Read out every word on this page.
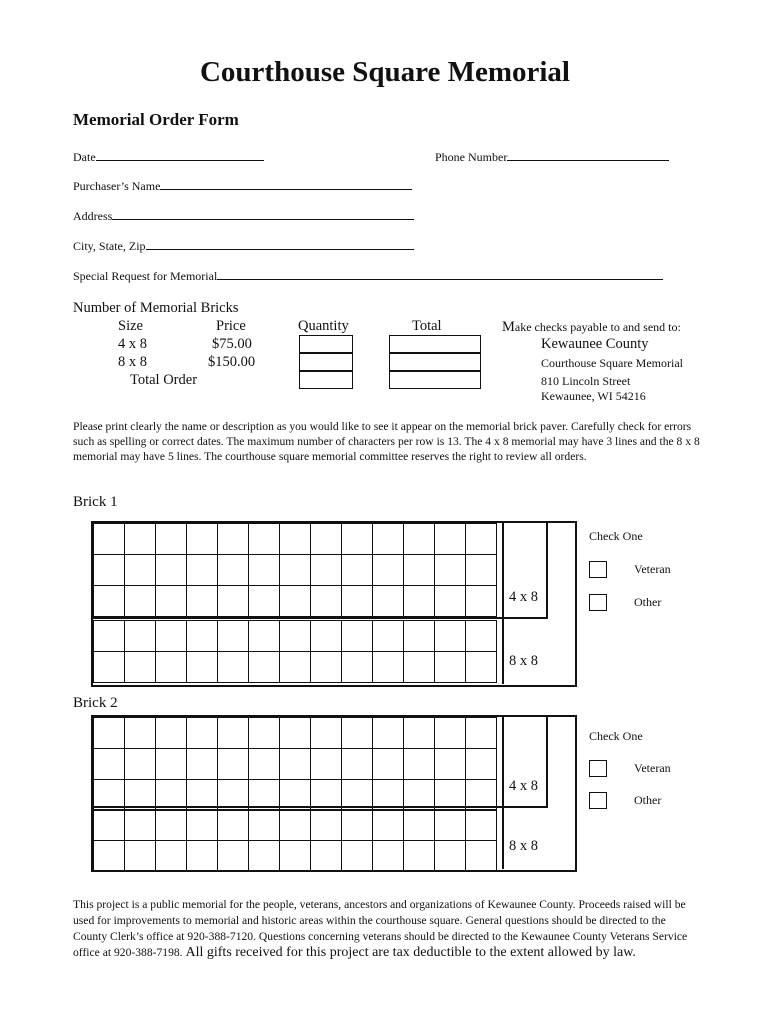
Courthouse Square Memorial
Memorial Order Form
Date	Phone Number
Purchaser’s Name
Address
City, State, Zip
Special Request for Memorial
Number of Memorial Bricks
Size	Price	Quantity	Total
4 x 8	$75.00
8 x 8	$150.00
Total Order
Make checks payable to and send to:
Kewaunee County
Courthouse Square Memorial
810 Lincoln Street
Kewaunee, WI 54216
Please print clearly the name or description as you would like to see it appear on the memorial brick paver. Carefully check for errors such as spelling or correct dates. The maximum number of characters per row is 13. The 4 x 8 memorial may have 3 lines and the 8 x 8 memorial may have 5 lines. The courthouse square memorial committee reserves the right to review all orders.
Brick 1

4 x 8
8 x 8
Check One
Veteran
Other
Brick 2

4 x 8
8 x 8
Check One
Veteran
Other
This project is a public memorial for the people, veterans, ancestors and organizations of Kewaunee County. Proceeds raised will be used for improvements to memorial and historic areas within the courthouse square. General questions should be directed to the County Clerk’s office at 920-388-7120. Questions concerning veterans should be directed to the Kewaunee County Veterans Service office at 920-388-7198. All gifts received for this project are tax deductible to the extent allowed by law.
